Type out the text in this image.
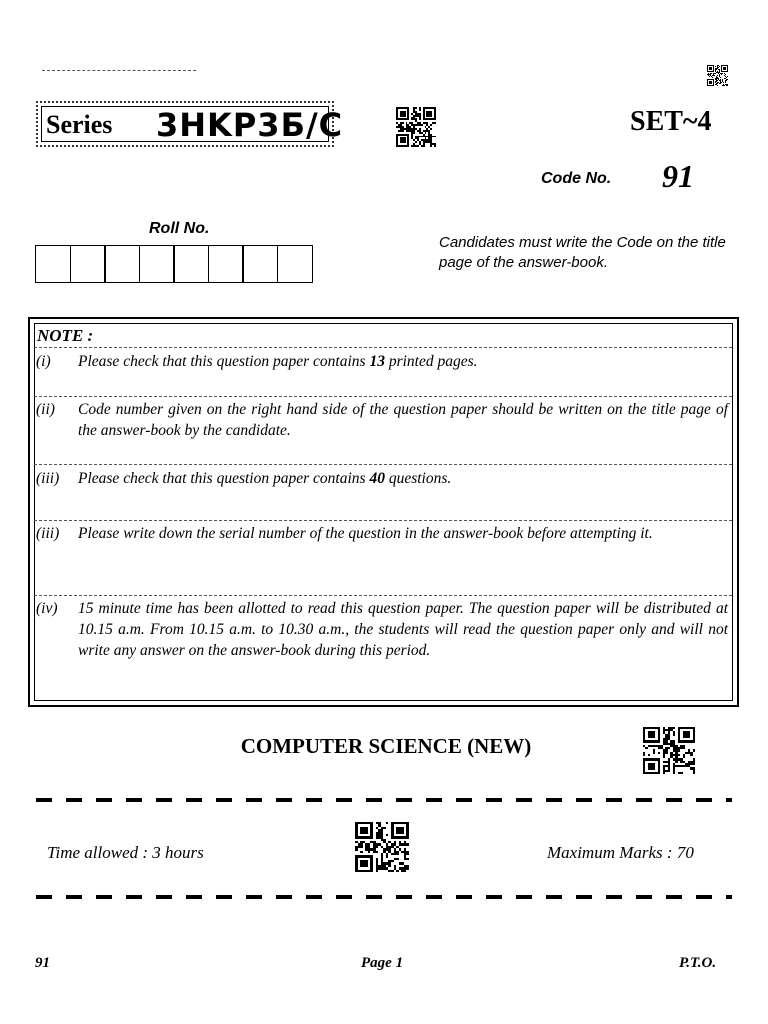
Series 3HKP3Б/C	SET~4
Code No. 91
Roll No.
Candidates must write the Code on the title page of the answer-book.
NOTE :
(i) Please check that this question paper contains 13 printed pages.
(ii) Code number given on the right hand side of the question paper should be written on the title page of the answer-book by the candidate.
(iii) Please check that this question paper contains 40 questions.
(iii) Please write down the serial number of the question in the answer-book before attempting it.
(iv) 15 minute time has been allotted to read this question paper. The question paper will be distributed at 10.15 a.m. From 10.15 a.m. to 10.30 a.m., the students will read the question paper only and will not write any answer on the answer-book during this period.
COMPUTER SCIENCE (NEW)
Time allowed : 3 hours	Maximum Marks : 70
91	Page 1	P.T.O.
